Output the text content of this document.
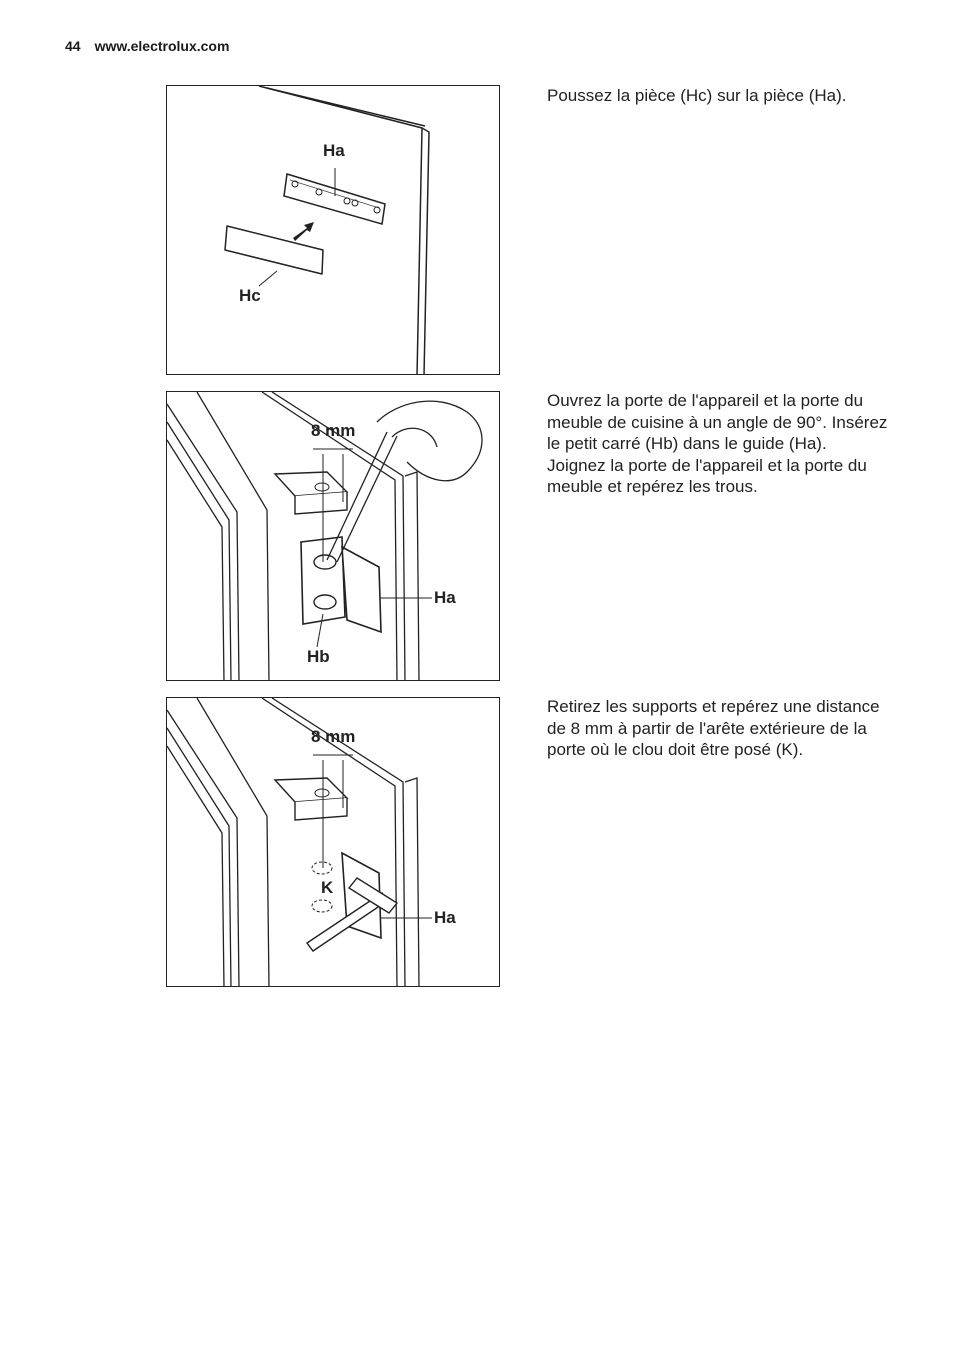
44 www.electrolux.com
Ha
Hc
8 mm
Ha
Hb
8 mm
K
Ha

Poussez la pièce (Hc) sur la pièce (Ha).

Ouvrez la porte de l'appareil et la porte du meuble de cuisine à un angle de 90°. Insérez le petit carré (Hb) dans le guide (Ha).

Joignez la porte de l'appareil et la porte du meuble et repérez les trous.

Retirez les supports et repérez une distance de 8 mm à partir de l'arête extérieure de la porte où le clou doit être posé (K).
